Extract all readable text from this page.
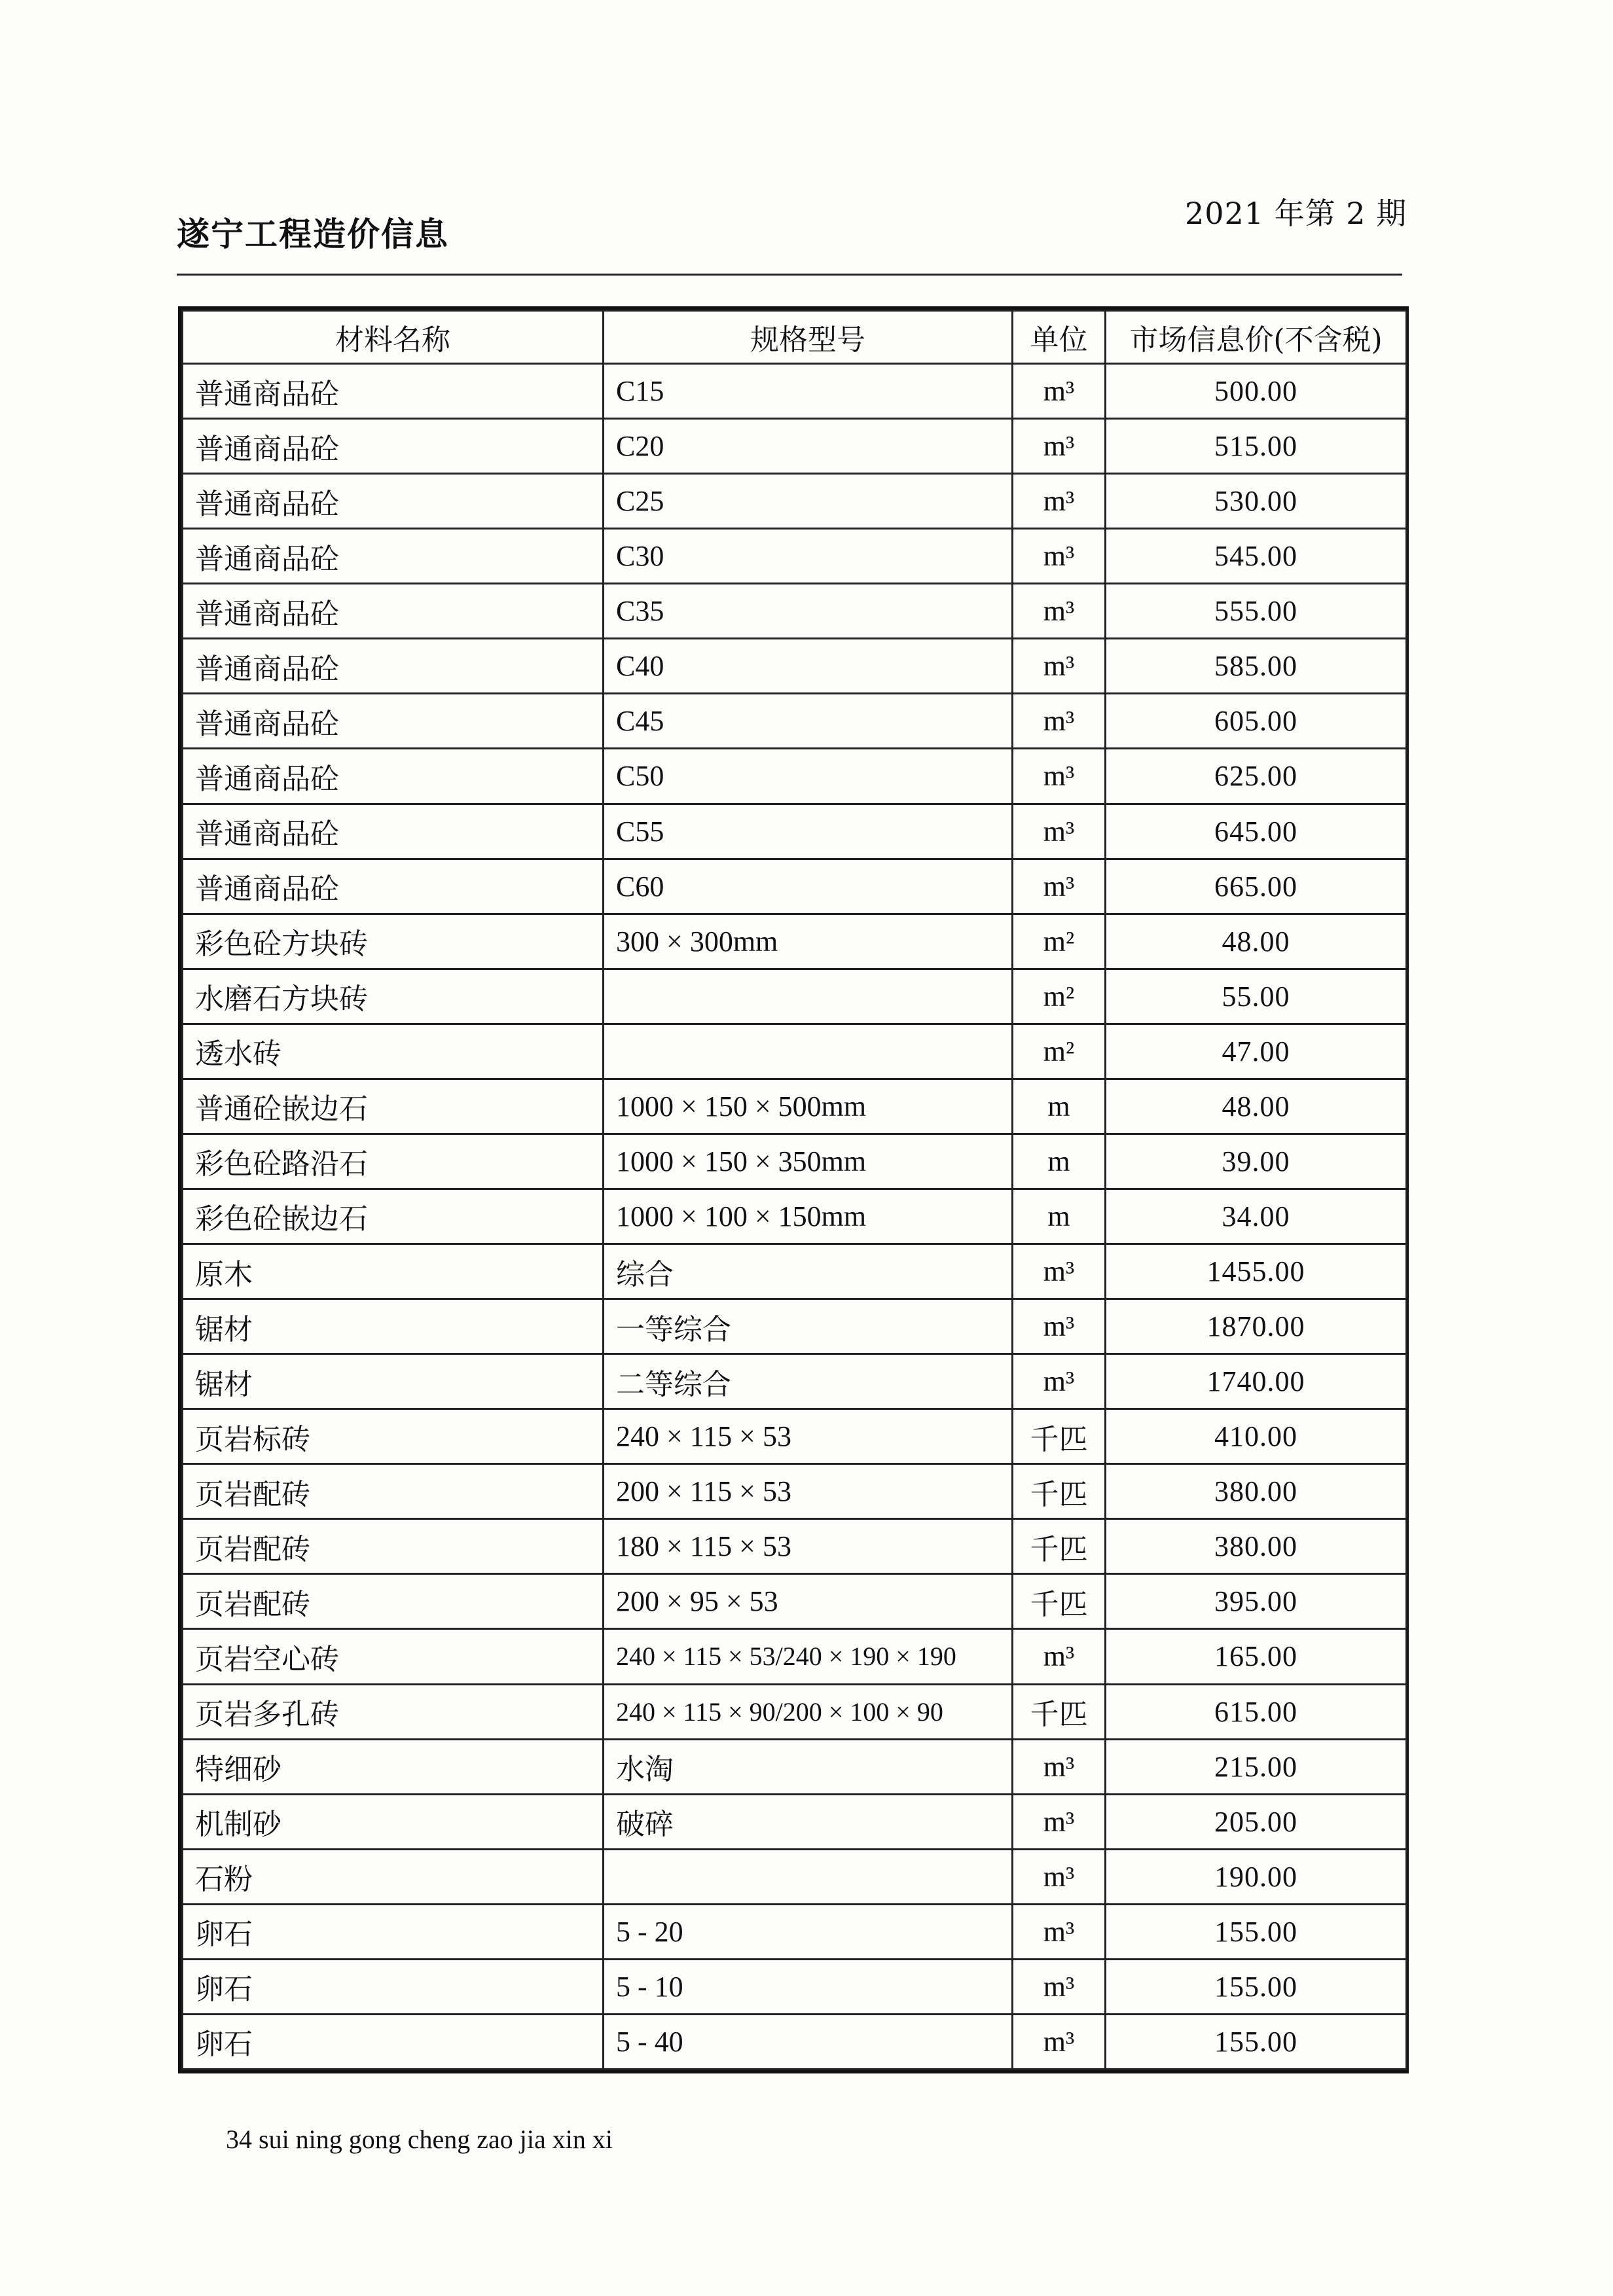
遂宁工程造价信息
2021 年第 2 期
材料名称	规格型号	单位	市场信息价(不含税)
普通商品砼	C15	m³	500.00
普通商品砼	C20	m³	515.00
普通商品砼	C25	m³	530.00
普通商品砼	C30	m³	545.00
普通商品砼	C35	m³	555.00
普通商品砼	C40	m³	585.00
普通商品砼	C45	m³	605.00
普通商品砼	C50	m³	625.00
普通商品砼	C55	m³	645.00
普通商品砼	C60	m³	665.00
彩色砼方块砖	300 × 300mm	m²	48.00
水磨石方块砖		m²	55.00
透水砖		m²	47.00
普通砼嵌边石	1000 × 150 × 500mm	m	48.00
彩色砼路沿石	1000 × 150 × 350mm	m	39.00
彩色砼嵌边石	1000 × 100 × 150mm	m	34.00
原木	综合	m³	1455.00
锯材	一等综合	m³	1870.00
锯材	二等综合	m³	1740.00
页岩标砖	240 × 115 × 53	千匹	410.00
页岩配砖	200 × 115 × 53	千匹	380.00
页岩配砖	180 × 115 × 53	千匹	380.00
页岩配砖	200 × 95 × 53	千匹	395.00
页岩空心砖	240 × 115 × 53/240 × 190 × 190	m³	165.00
页岩多孔砖	240 × 115 × 90/200 × 100 × 90	千匹	615.00
特细砂	水淘	m³	215.00
机制砂	破碎	m³	205.00
石粉		m³	190.00
卵石	5 - 20	m³	155.00
卵石	5 - 10	m³	155.00
卵石	5 - 40	m³	155.00
34 sui ning gong cheng zao jia xin xi
